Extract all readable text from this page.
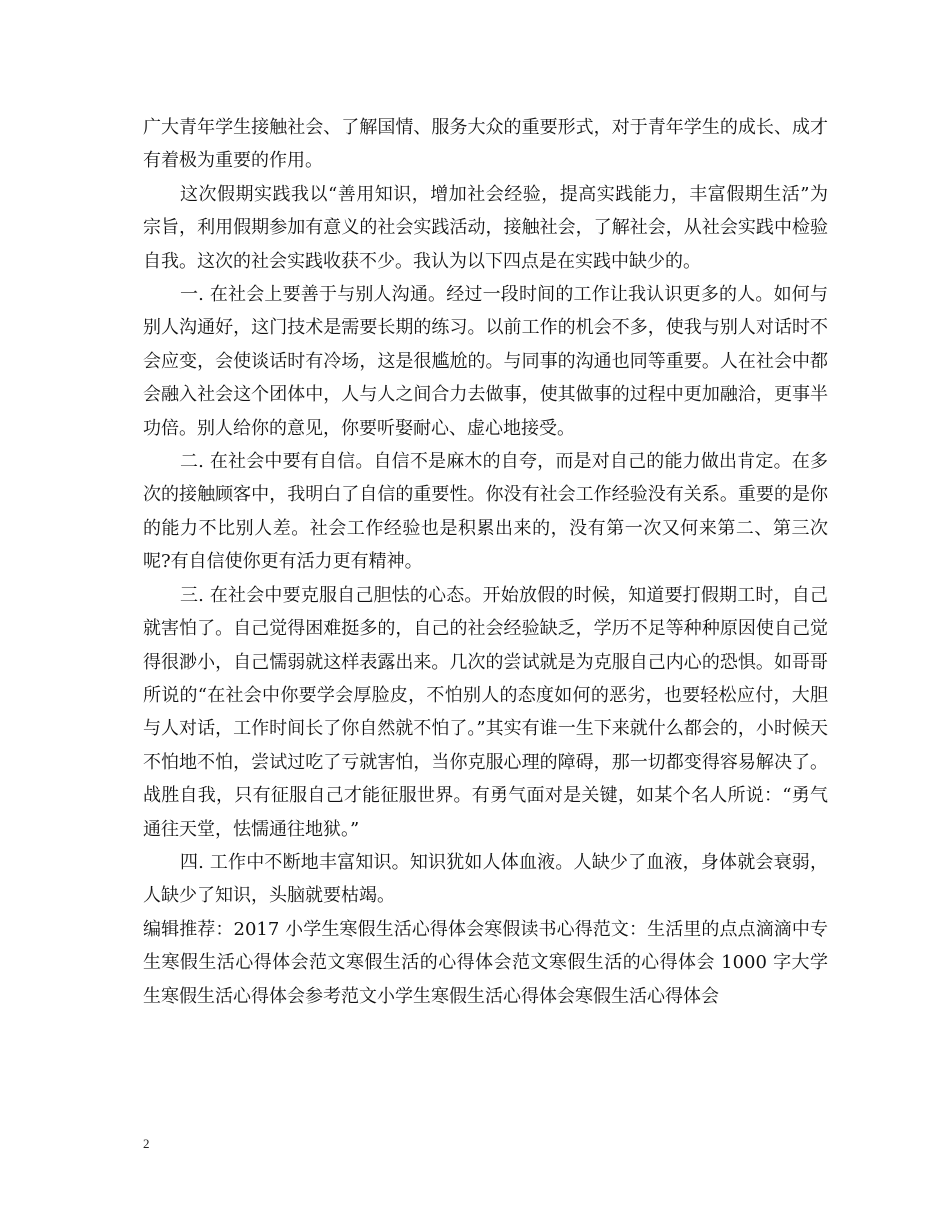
广大青年学生接触社会、了解国情、服务大众的重要形式，对于青年学生的成长、成才有着极为重要的作用。

这次假期实践我以“善用知识，增加社会经验，提高实践能力，丰富假期生活”为宗旨，利用假期参加有意义的社会实践活动，接触社会，了解社会，从社会实践中检验自我。这次的社会实践收获不少。我认为以下四点是在实践中缺少的。

一. 在社会上要善于与别人沟通。经过一段时间的工作让我认识更多的人。如何与别人沟通好，这门技术是需要长期的练习。以前工作的机会不多，使我与别人对话时不会应变，会使谈话时有冷场，这是很尴尬的。与同事的沟通也同等重要。人在社会中都会融入社会这个团体中，人与人之间合力去做事，使其做事的过程中更加融洽，更事半功倍。别人给你的意见，你要听娶耐心、虚心地接受。

二. 在社会中要有自信。自信不是麻木的自夸，而是对自己的能力做出肯定。在多次的接触顾客中，我明白了自信的重要性。你没有社会工作经验没有关系。重要的是你的能力不比别人差。社会工作经验也是积累出来的，没有第一次又何来第二、第三次呢?有自信使你更有活力更有精神。

三. 在社会中要克服自己胆怯的心态。开始放假的时候，知道要打假期工时，自己就害怕了。自己觉得困难挺多的，自己的社会经验缺乏，学历不足等种种原因使自己觉得很渺小，自己懦弱就这样表露出来。几次的尝试就是为克服自己内心的恐惧。如哥哥所说的“在社会中你要学会厚脸皮，不怕别人的态度如何的恶劣，也要轻松应付，大胆与人对话，工作时间长了你自然就不怕了。”其实有谁一生下来就什么都会的，小时候天不怕地不怕，尝试过吃了亏就害怕，当你克服心理的障碍，那一切都变得容易解决了。战胜自我，只有征服自己才能征服世界。有勇气面对是关键，如某个名人所说：“勇气通往天堂，怯懦通往地狱。”

四. 工作中不断地丰富知识。知识犹如人体血液。人缺少了血液，身体就会衰弱，人缺少了知识，头脑就要枯竭。

编辑推荐：2017 小学生寒假生活心得体会寒假读书心得范文：生活里的点点滴滴中专生寒假生活心得体会范文寒假生活的心得体会范文寒假生活的心得体会 1000 字大学生寒假生活心得体会参考范文小学生寒假生活心得体会寒假生活心得体会

2
